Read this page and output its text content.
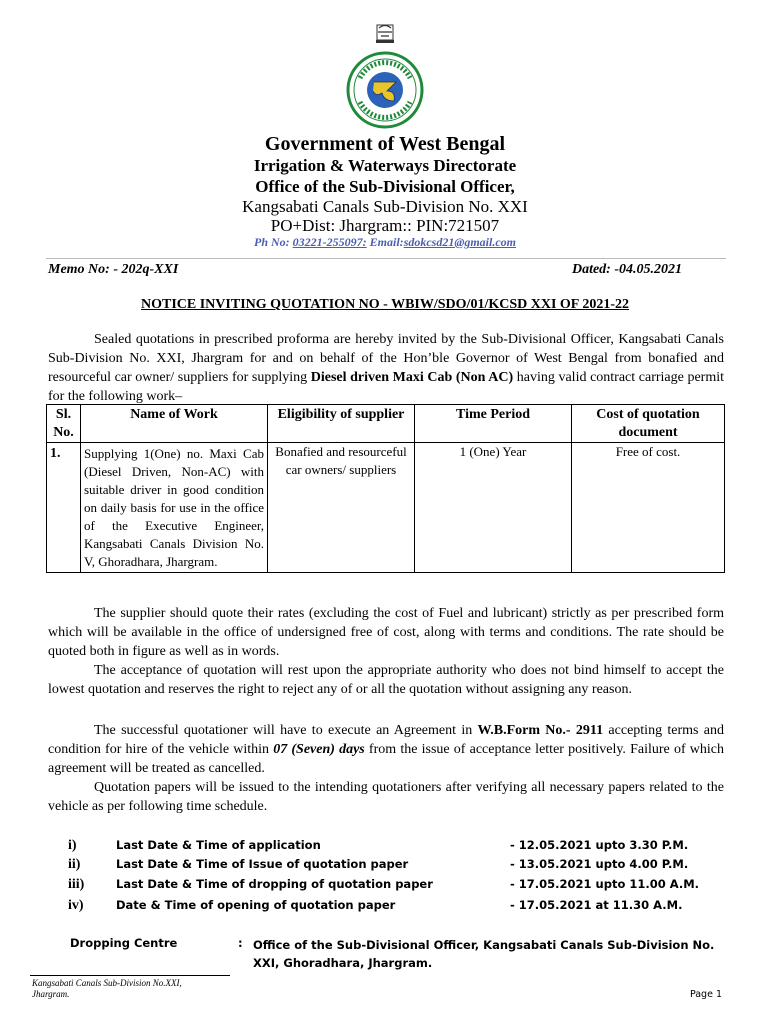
Government of West Bengal
Irrigation & Waterways Directorate
Office of the Sub-Divisional Officer,
Kangsabati Canals Sub-Division No. XXI
PO+Dist: Jhargram:: PIN:721507
Ph No: 03221-255097: Email:sdokcsd21@gmail.com
Memo No: - 202q-XXI	Dated: -04.05.2021
NOTICE INVITING QUOTATION NO - WBIW/SDO/01/KCSD XXI OF 2021-22
Sealed quotations in prescribed proforma are hereby invited by the Sub-Divisional Officer, Kangsabati Canals Sub-Division No. XXI, Jhargram for and on behalf of the Hon’ble Governor of West Bengal from bonafied and resourceful car owner/ suppliers for supplying Diesel driven Maxi Cab (Non AC) having valid contract carriage permit for the following work–
Sl. No.	Name of Work	Eligibility of supplier	Time Period	Cost of quotation document
1.	Supplying 1(One) no. Maxi Cab (Diesel Driven, Non-AC) with suitable driver in good condition on daily basis for use in the office of the Executive Engineer, Kangsabati Canals Division No. V, Ghoradhara, Jhargram.	Bonafied and resourceful car owners/ suppliers	1 (One) Year	Free of cost.
The supplier should quote their rates (excluding the cost of Fuel and lubricant) strictly as per prescribed form which will be available in the office of undersigned free of cost, along with terms and conditions. The rate should be quoted both in figure as well as in words.
The acceptance of quotation will rest upon the appropriate authority who does not bind himself to accept the lowest quotation and reserves the right to reject any of or all the quotation without assigning any reason.
The successful quotationer will have to execute an Agreement in W.B.Form No.- 2911 accepting terms and condition for hire of the vehicle within 07 (Seven) days from the issue of acceptance letter positively. Failure of which agreement will be treated as cancelled.
Quotation papers will be issued to the intending quotationers after verifying all necessary papers related to the vehicle as per following time schedule.
i)	Last Date & Time of application	- 12.05.2021 upto 3.30 P.M.
ii)	Last Date & Time of Issue of quotation paper	- 13.05.2021 upto 4.00 P.M.
iii)	Last Date & Time of dropping of quotation paper	- 17.05.2021 upto 11.00 A.M.
iv)	Date & Time of opening of quotation paper	- 17.05.2021 at 11.30 A.M.
Dropping Centre	: Office of the Sub-Divisional Officer, Kangsabati Canals Sub-Division No. XXI, Ghoradhara, Jhargram.
Kangsabati Canals Sub-Division No.XXI,
Jhargram.	Page 1
